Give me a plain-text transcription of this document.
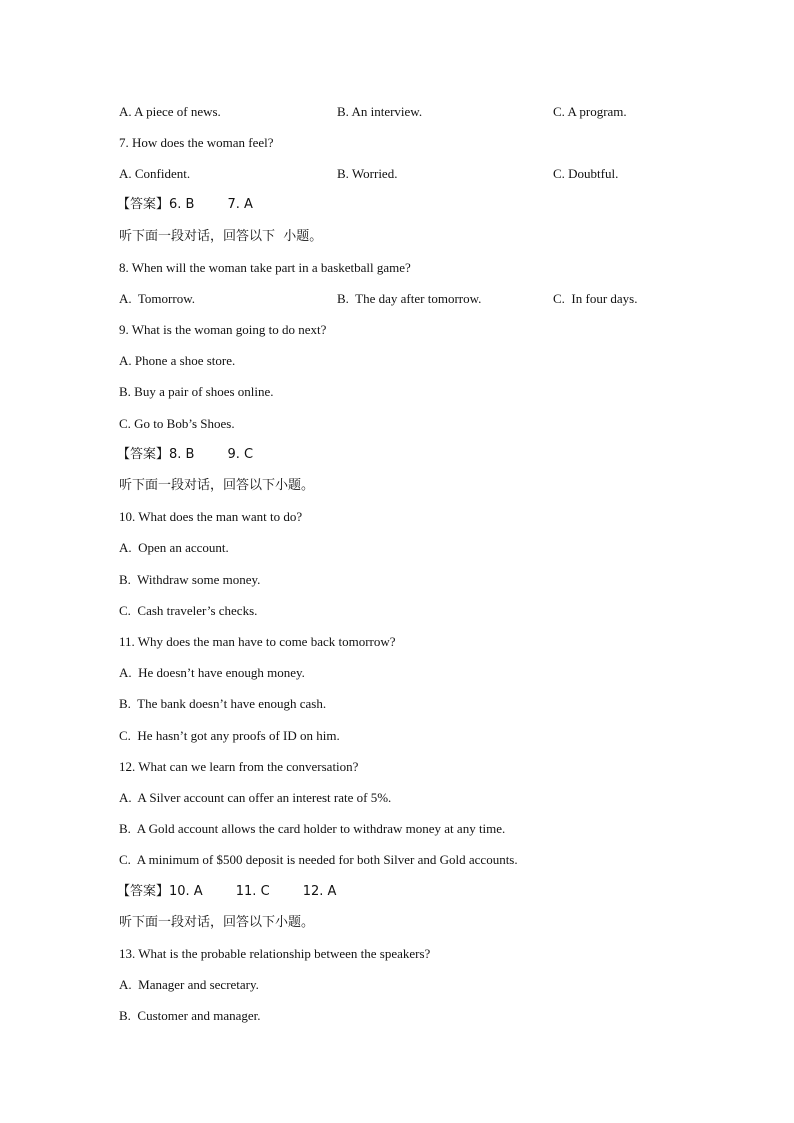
A. A piece of news.	B. An interview.	C. A program.
7. How does the woman feel?
A. Confident.	B. Worried.	C. Doubtful.
【答案】6. B        7. A
听下面一段对话，回答以下  小题。
8. When will the woman take part in a basketball game?
A.  Tomorrow.	B.  The day after tomorrow.	C.  In four days.
9. What is the woman going to do next?
A. Phone a shoe store.
B. Buy a pair of shoes online.
C. Go to Bob’s Shoes.
【答案】8. B        9. C
听下面一段对话，回答以下小题。
10. What does the man want to do?
A.  Open an account.
B.  Withdraw some money.
C.  Cash traveler’s checks.
11. Why does the man have to come back tomorrow?
A.  He doesn’t have enough money.
B.  The bank doesn’t have enough cash.
C.  He hasn’t got any proofs of ID on him.
12. What can we learn from the conversation?
A.  A Silver account can offer an interest rate of 5%.
B.  A Gold account allows the card holder to withdraw money at any time.
C.  A minimum of $500 deposit is needed for both Silver and Gold accounts.
【答案】10. A        11. C        12. A
听下面一段对话，回答以下小题。
13. What is the probable relationship between the speakers?
A.  Manager and secretary.
B.  Customer and manager.
